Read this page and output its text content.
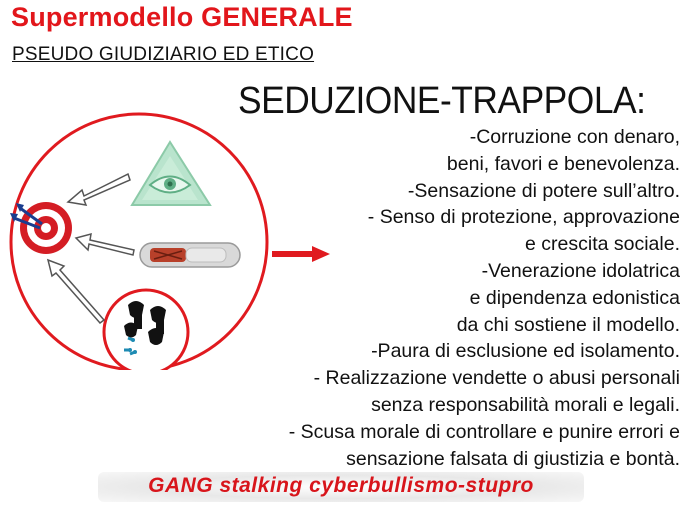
Supermodello GENERALE
PSEUDO GIUDIZIARIO ED ETICO
SEDUZIONE-TRAPPOLA:
-Corruzione con denaro,
beni, favori e benevolenza.
-Sensazione di potere sull’altro.
- Senso di protezione, approvazione
e crescita sociale.
-Venerazione idolatrica
e dipendenza edonistica
da chi sostiene il modello.
-Paura di esclusione ed isolamento.
- Realizzazione vendette o abusi personali
senza responsabilità morali e legali.
- Scusa morale di controllare e punire errori e
sensazione falsata di giustizia e bontà.
GANG stalking cyberbullismo-stupro
